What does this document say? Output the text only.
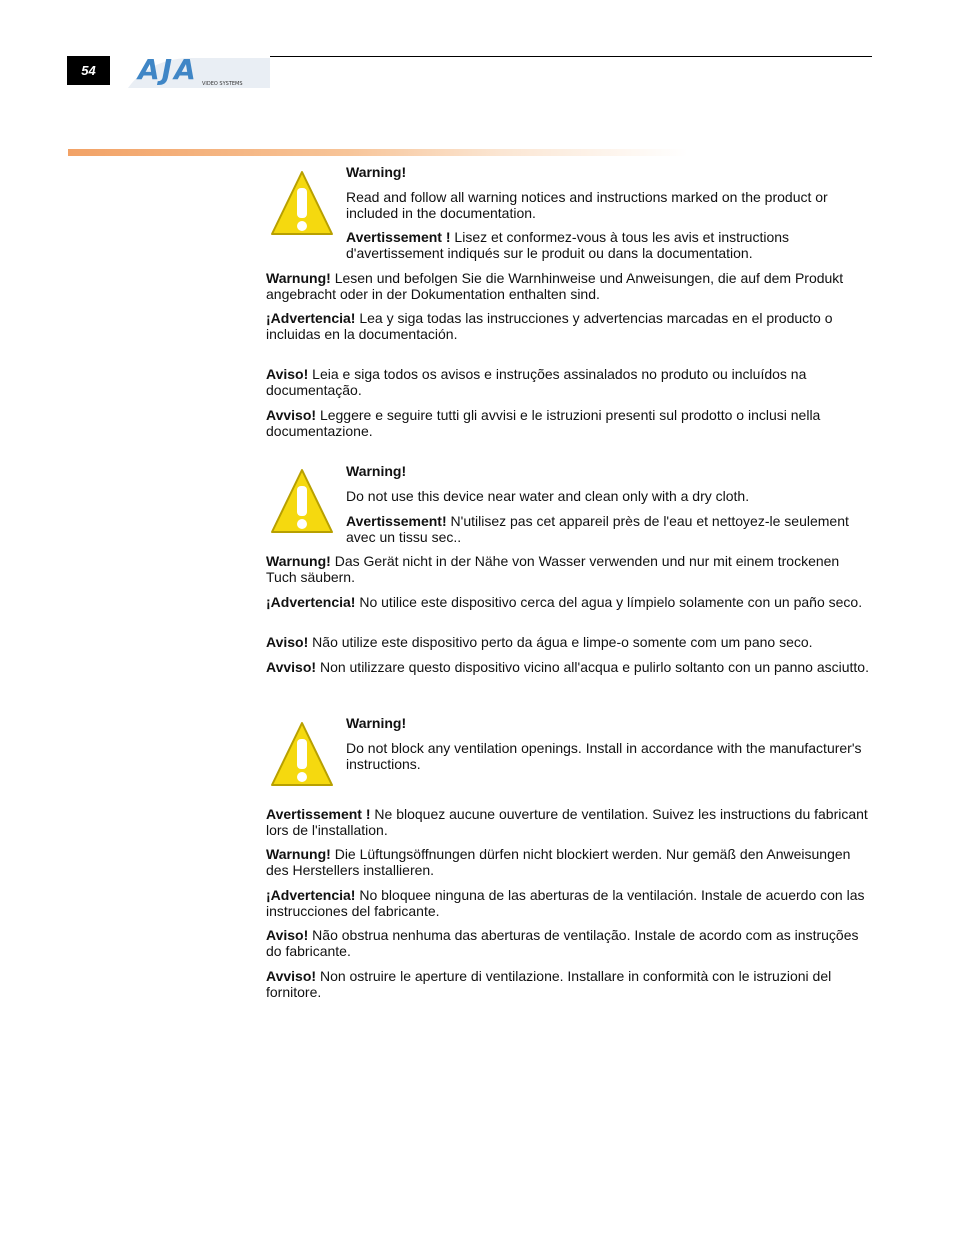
54	AJA VIDEO SYSTEMS

Warning!

Read and follow all warning notices and instructions marked on the product or included in the documentation.

Avertissement ! Lisez et conformez-vous à tous les avis et instructions d'avertissement indiqués sur le produit ou dans la documentation.

Warnung! Lesen und befolgen Sie die Warnhinweise und Anweisungen, die auf dem Produkt angebracht oder in der Dokumentation enthalten sind.

¡Advertencia! Lea y siga todas las instrucciones y advertencias marcadas en el producto o incluidas en la documentación.

Aviso! Leia e siga todos os avisos e instruções assinalados no produto ou incluídos na documentação.

Avviso! Leggere e seguire tutti gli avvisi e le istruzioni presenti sul prodotto o inclusi nella documentazione.

Warning!

Do not use this device near water and clean only with a dry cloth.

Avertissement! N'utilisez pas cet appareil près de l'eau et nettoyez-le seulement avec un tissu sec..

Warnung! Das Gerät nicht in der Nähe von Wasser verwenden und nur mit einem trockenen Tuch säubern.

¡Advertencia! No utilice este dispositivo cerca del agua y límpielo solamente con un paño seco.

Aviso! Não utilize este dispositivo perto da água e limpe-o somente com um pano seco.

Avviso! Non utilizzare questo dispositivo vicino all'acqua e pulirlo soltanto con un panno asciutto.

Warning!

Do not block any ventilation openings. Install in accordance with the manufacturer's instructions.

Avertissement ! Ne bloquez aucune ouverture de ventilation. Suivez les instructions du fabricant lors de l'installation.

Warnung! Die Lüftungsöffnungen dürfen nicht blockiert werden. Nur gemäß den Anweisungen des Herstellers installieren.

¡Advertencia! No bloquee ninguna de las aberturas de la ventilación. Instale de acuerdo con las instrucciones del fabricante.

Aviso! Não obstrua nenhuma das aberturas de ventilação. Instale de acordo com as instruções do fabricante.

Avviso! Non ostruire le aperture di ventilazione. Installare in conformità con le istruzioni del fornitore.
